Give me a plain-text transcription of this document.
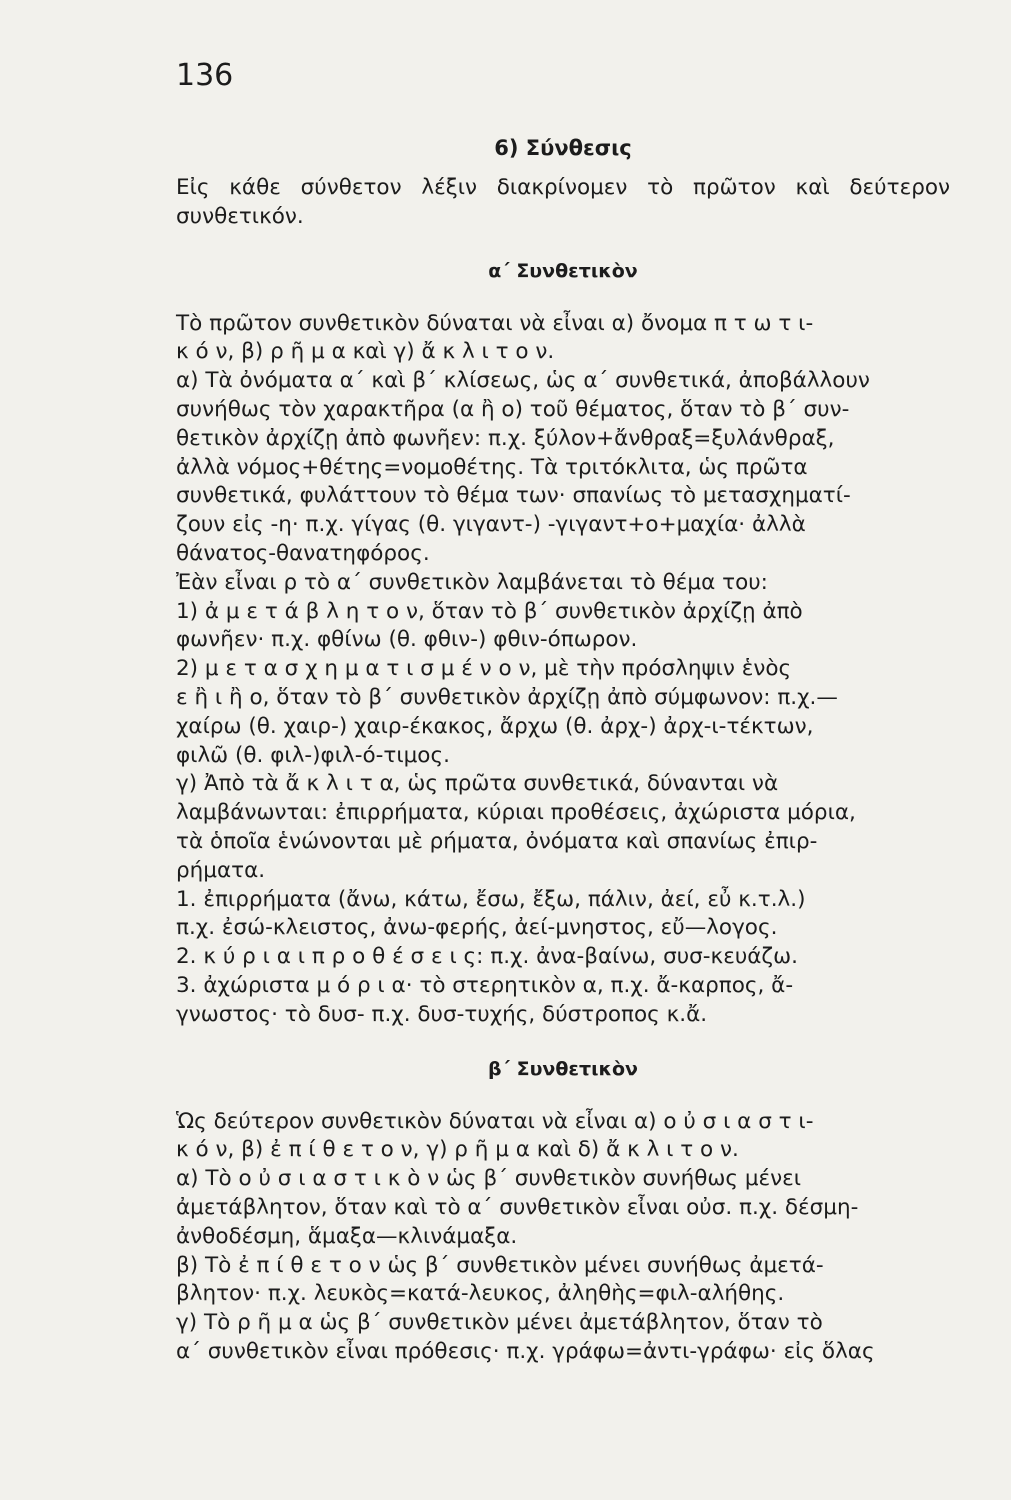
136
6) Σύνθεσις
Εἰς κάθε σύνθετον λέξιν διακρίνομεν τὸ πρῶτον καὶ δεύτερον συνθετικόν.
α΄ Συνθετικὸν
Τὸ πρῶτον συνθετικὸν δύναται νὰ εἶναι α) ὄνομα π τ ω τ ι-
κ ό ν, β) ρ ῆ μ α καὶ γ) ἄ κ λ ι τ ο ν.
α) Τὰ ὀνόματα α΄ καὶ β΄ κλίσεως, ὡς α΄ συνθετικά, ἀποβάλλουν
συνήθως τὸν χαρακτῆρα (α ἢ ο) τοῦ θέματος, ὅταν τὸ β΄ συν-
θετικὸν ἀρχίζῃ ἀπὸ φωνῆεν: π.χ. ξύλον+ἄνθραξ=ξυλάνθραξ,
ἀλλὰ νόμος+θέτης=νομοθέτης. Τὰ τριτόκλιτα, ὡς πρῶτα
συνθετικά, φυλάττουν τὸ θέμα των· σπανίως τὸ μετασχηματί-
ζουν εἰς -η· π.χ. γίγας (θ. γιγαντ-) -γιγαντ+ο+μαχία· ἀλλὰ
θάνατος-θανατηφόρος.
Ἐὰν εἶναι ρ τὸ α΄ συνθετικὸν λαμβάνεται τὸ θέμα του:
1) ἀ μ ε τ ά β λ η τ ο ν, ὅταν τὸ β΄ συνθετικὸν ἀρχίζῃ ἀπὸ
φωνῆεν· π.χ. φθίνω (θ. φθιν-) φθιν-όπωρον.
2) μ ε τ α σ χ η μ α τ ι σ μ έ ν ο ν, μὲ τὴν πρόσληψιν ἑνὸς
ε ἢ ι ἢ ο, ὅταν τὸ β΄ συνθετικὸν ἀρχίζῃ ἀπὸ σύμφωνον: π.χ.—
χαίρω (θ. χαιρ-) χαιρ-έκακος, ἄρχω (θ. ἀρχ-) ἀρχ-ι-τέκτων,
φιλῶ (θ. φιλ-)φιλ-ό-τιμος.
γ) Ἀπὸ τὰ ἄ κ λ ι τ α, ὡς πρῶτα συνθετικά, δύνανται νὰ
λαμβάνωνται: ἐπιρρήματα, κύριαι προθέσεις, ἀχώριστα μόρια,
τὰ ὁποῖα ἑνώνονται μὲ ρήματα, ὀνόματα καὶ σπανίως ἐπιρ-
ρήματα.
1. ἐπιρρήματα (ἄνω, κάτω, ἔσω, ἔξω, πάλιν, ἀεί, εὖ κ.τ.λ.)
π.χ. ἐσώ-κλειστος, ἀνω-φερής, ἀεί-μνηστος, εὔ—λογος.
2. κ ύ ρ ι α ι π ρ ο θ έ σ ε ι ς: π.χ. ἀνα-βαίνω, συσ-κευάζω.
3. ἀχώριστα μ ό ρ ι α· τὸ στερητικὸν α, π.χ. ἄ-καρπος, ἄ-
γνωστος· τὸ δυσ- π.χ. δυσ-τυχής, δύστροπος κ.ἄ.
β΄ Συνθετικὸν
Ὡς δεύτερον συνθετικὸν δύναται νὰ εἶναι α) ο ὐ σ ι α σ τ ι-
κ ό ν, β) ἐ π ί θ ε τ ο ν, γ) ρ ῆ μ α καὶ δ) ἄ κ λ ι τ ο ν.
α) Τὸ ο ὐ σ ι α σ τ ι κ ὸ ν ὡς β΄ συνθετικὸν συνήθως μένει
ἀμετάβλητον, ὅταν καὶ τὸ α΄ συνθετικὸν εἶναι οὐσ. π.χ. δέσμη-
ἀνθοδέσμη, ἅμαξα—κλινάμαξα.
β) Τὸ ἐ π ί θ ε τ ο ν ὡς β΄ συνθετικὸν μένει συνήθως ἀμετά-
βλητον· π.χ. λευκὸς=κατά-λευκος, ἀληθὴς=φιλ-αλήθης.
γ) Τὸ ρ ῆ μ α ὡς β΄ συνθετικὸν μένει ἀμετάβλητον, ὅταν τὸ
α΄ συνθετικὸν εἶναι πρόθεσις· π.χ. γράφω=ἀντι-γράφω· εἰς ὅλας
